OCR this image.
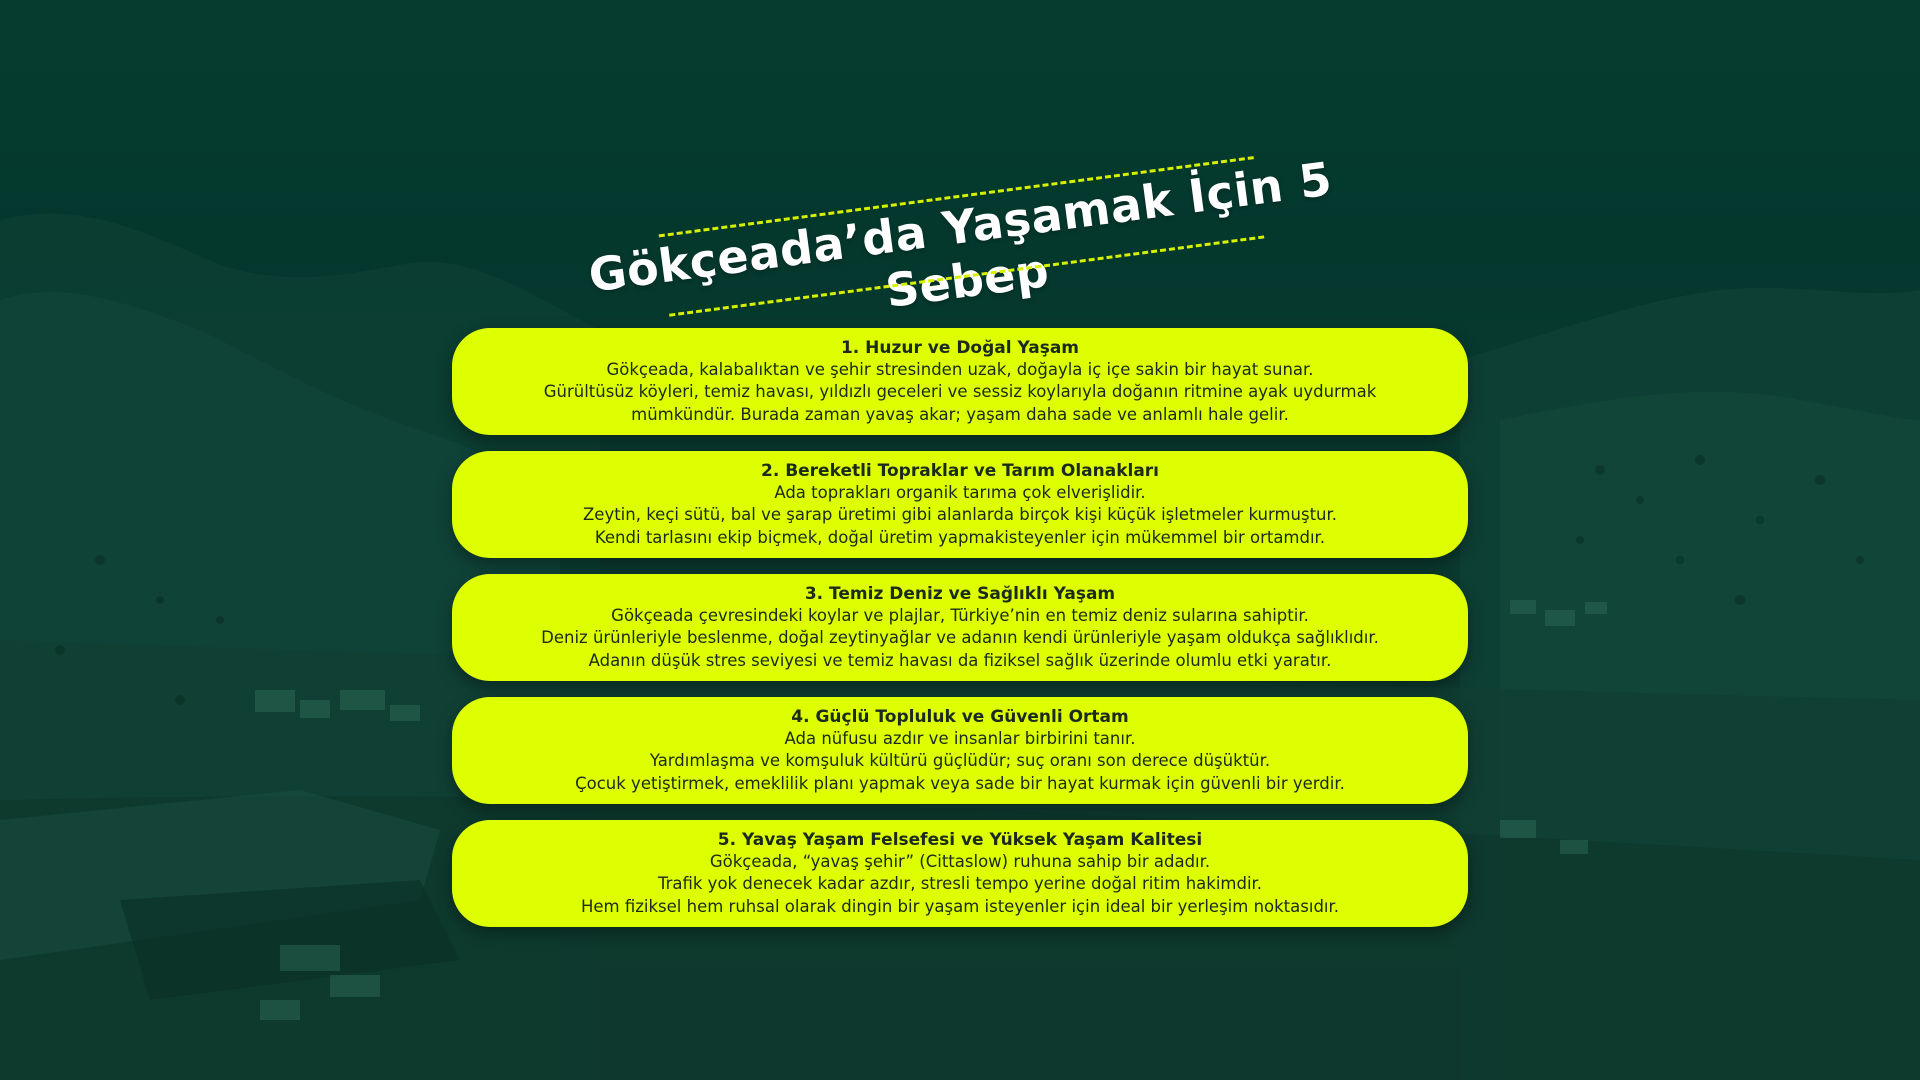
Gökçeada’da Yaşamak İçin 5 Sebep
1. Huzur ve Doğal Yaşam
Gökçeada, kalabalıktan ve şehir stresinden uzak, doğayla iç içe sakin bir hayat sunar.
Gürültüsüz köyleri, temiz havası, yıldızlı geceleri ve sessiz koylarıyla doğanın ritmine ayak uydurmak
mümkündür. Burada zaman yavaş akar; yaşam daha sade ve anlamlı hale gelir.
2. Bereketli Topraklar ve Tarım Olanakları
Ada toprakları organik tarıma çok elverişlidir.
Zeytin, keçi sütü, bal ve şarap üretimi gibi alanlarda birçok kişi küçük işletmeler kurmuştur.
Kendi tarlasını ekip biçmek, doğal üretim yapmakisteyenler için mükemmel bir ortamdır.
3. Temiz Deniz ve Sağlıklı Yaşam
Gökçeada çevresindeki koylar ve plajlar, Türkiye’nin en temiz deniz sularına sahiptir.
Deniz ürünleriyle beslenme, doğal zeytinyağlar ve adanın kendi ürünleriyle yaşam oldukça sağlıklıdır.
Adanın düşük stres seviyesi ve temiz havası da fiziksel sağlık üzerinde olumlu etki yaratır.
4. Güçlü Topluluk ve Güvenli Ortam
Ada nüfusu azdır ve insanlar birbirini tanır.
Yardımlaşma ve komşuluk kültürü güçlüdür; suç oranı son derece düşüktür.
Çocuk yetiştirmek, emeklilik planı yapmak veya sade bir hayat kurmak için güvenli bir yerdir.
5. Yavaş Yaşam Felsefesi ve Yüksek Yaşam Kalitesi
Gökçeada, “yavaş şehir” (Cittaslow) ruhuna sahip bir adadır.
Trafik yok denecek kadar azdır, stresli tempo yerine doğal ritim hakimdir.
Hem fiziksel hem ruhsal olarak dingin bir yaşam isteyenler için ideal bir yerleşim noktasıdır.
